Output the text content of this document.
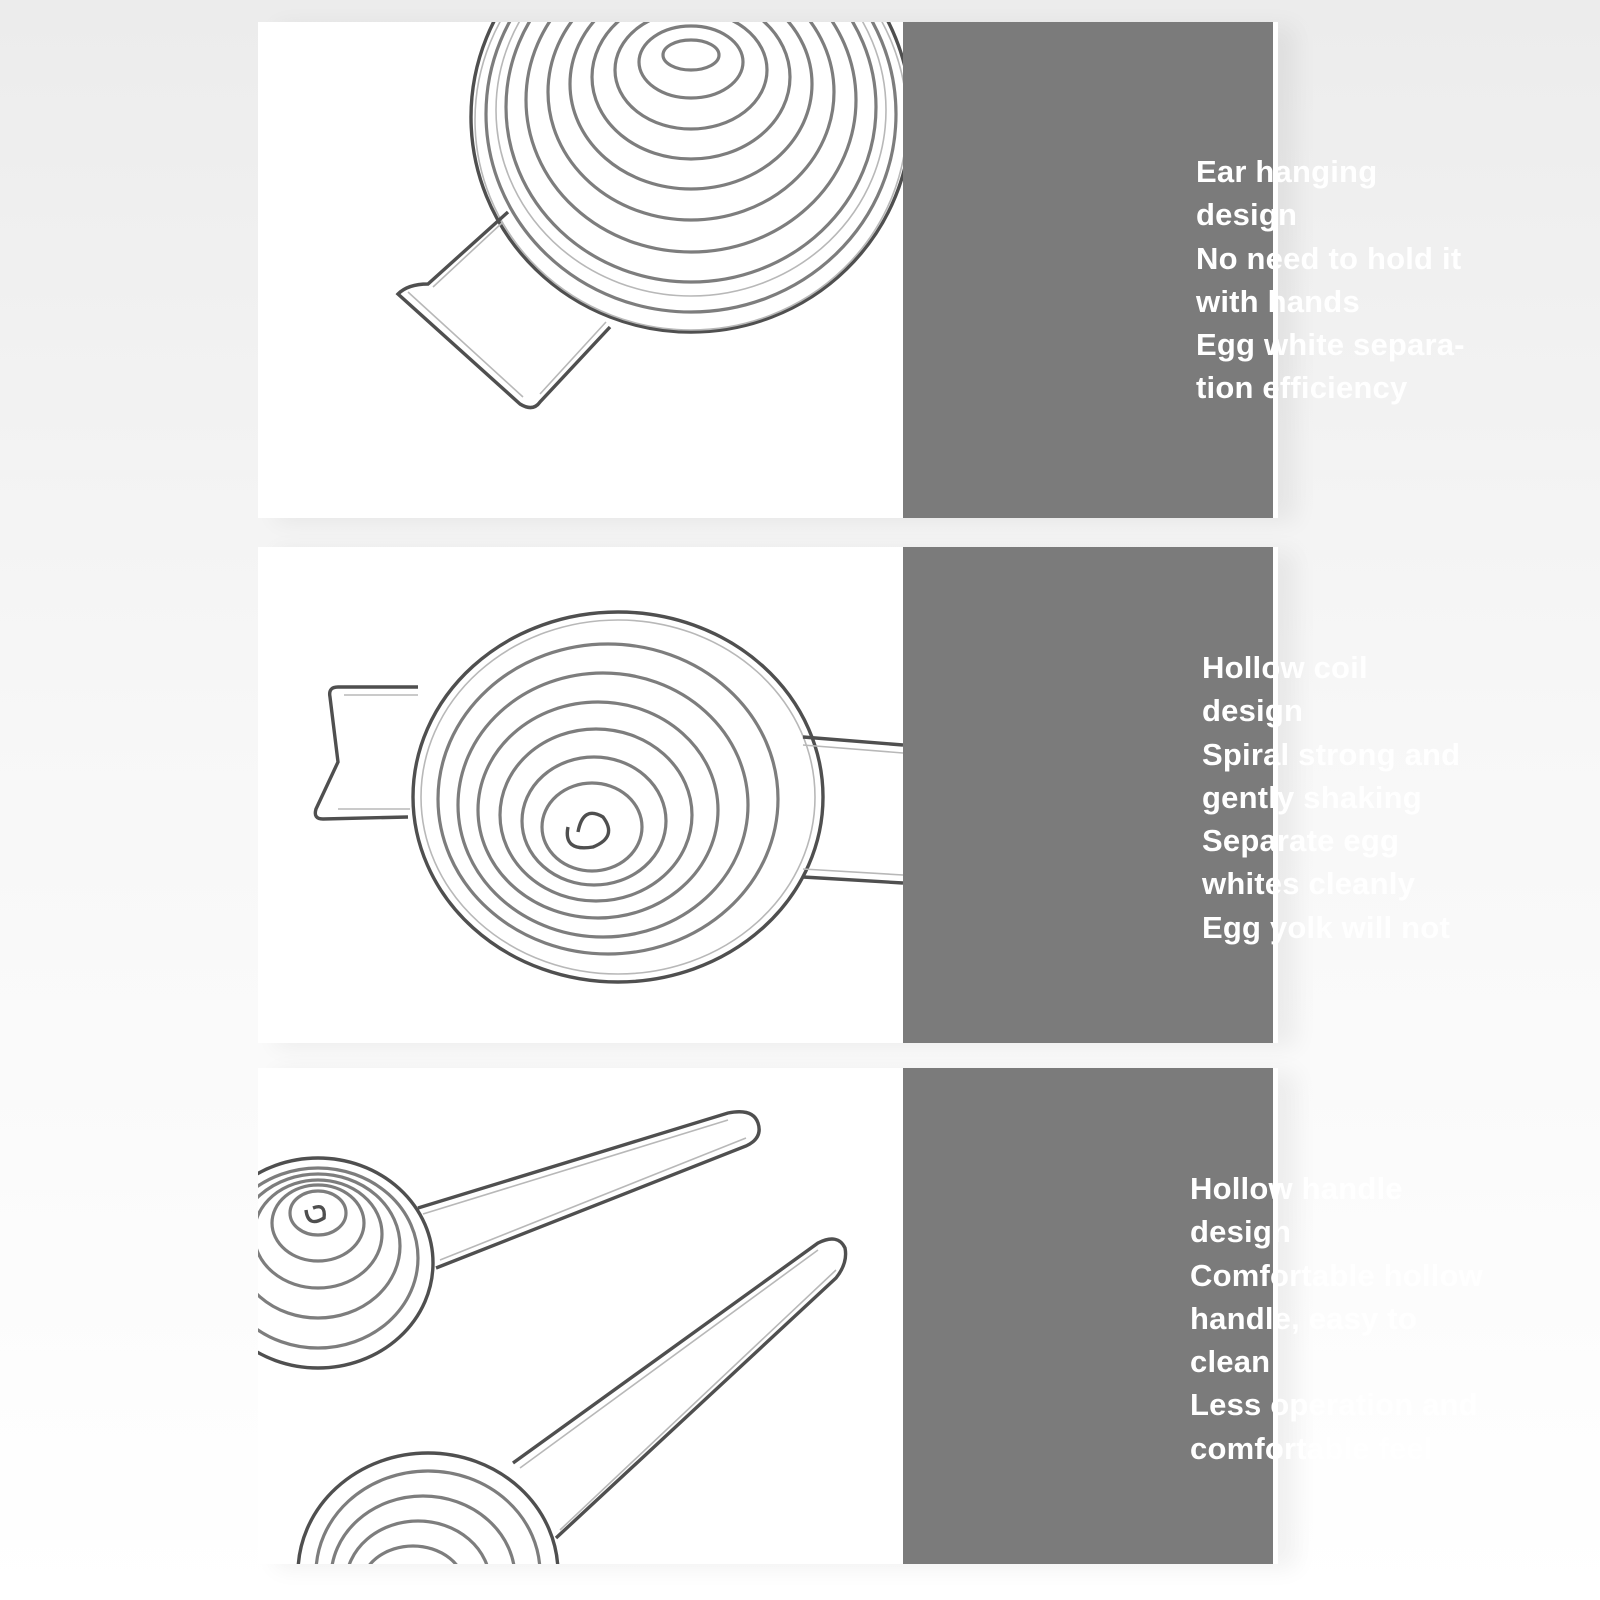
Ear hanging
design
No need to hold it
with hands
Egg white separa-
tion efficiency
Hollow coil
design
Spiral strong and
gently shaking
Separate egg
whites cleanly
Egg yolk will not
Hollow handle
design
Comfortable hollow
handle, easy to
clean
Less operation and
comfortable feel
